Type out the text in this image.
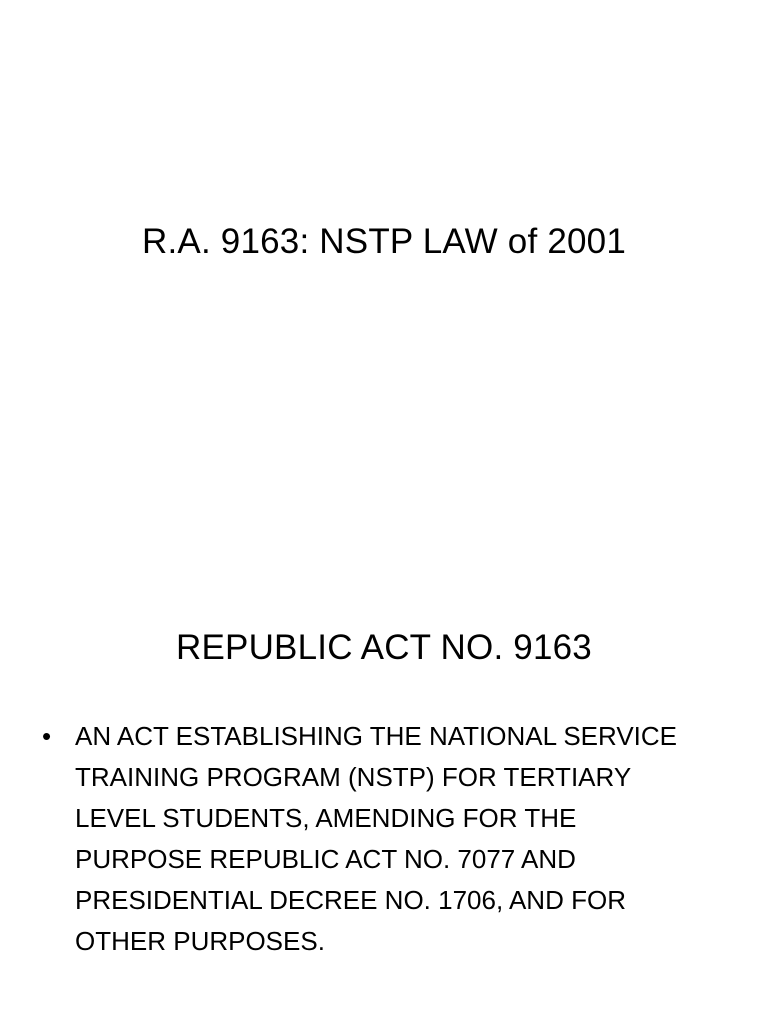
R.A. 9163: NSTP LAW of 2001
REPUBLIC ACT NO. 9163
• AN ACT ESTABLISHING THE NATIONAL SERVICE
TRAINING PROGRAM (NSTP) FOR TERTIARY
LEVEL STUDENTS, AMENDING FOR THE
PURPOSE REPUBLIC ACT NO. 7077 AND
PRESIDENTIAL DECREE NO. 1706, AND FOR
OTHER PURPOSES.
